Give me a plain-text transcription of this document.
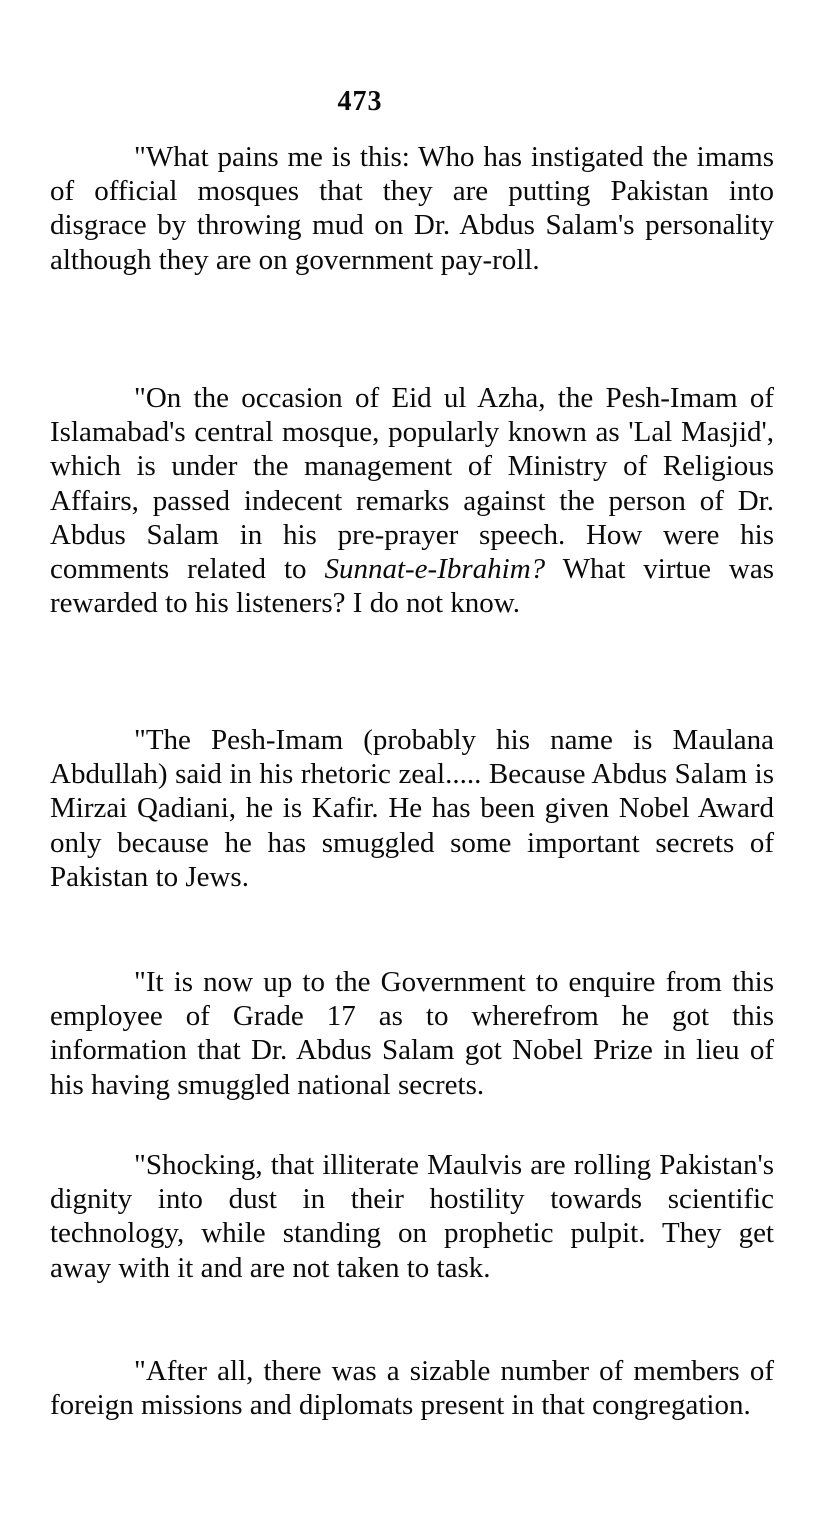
473

"What pains me is this: Who has instigated the imams of official mosques that they are putting Pakistan into disgrace by throwing mud on Dr. Abdus Salam's personality although they are on government pay-roll.

"On the occasion of Eid ul Azha, the Pesh-Imam of Islamabad's central mosque, popularly known as 'Lal Masjid', which is under the management of Ministry of Religious Affairs, passed indecent remarks against the person of Dr. Abdus Salam in his pre-prayer speech. How were his comments related to Sunnat-e-Ibrahim? What virtue was rewarded to his listeners? I do not know.

"The Pesh-Imam (probably his name is Maulana Abdullah) said in his rhetoric zeal..... Because Abdus Salam is Mirzai Qadiani, he is Kafir. He has been given Nobel Award only because he has smuggled some important secrets of Pakistan to Jews.

"It is now up to the Government to enquire from this employee of Grade 17 as to wherefrom he got this information that Dr. Abdus Salam got Nobel Prize in lieu of his having smuggled national secrets.

"Shocking, that illiterate Maulvis are rolling Pakistan's dignity into dust in their hostility towards scientific technology, while standing on prophetic pulpit. They get away with it and are not taken to task.

"After all, there was a sizable number of members of foreign missions and diplomats present in that congregation.
